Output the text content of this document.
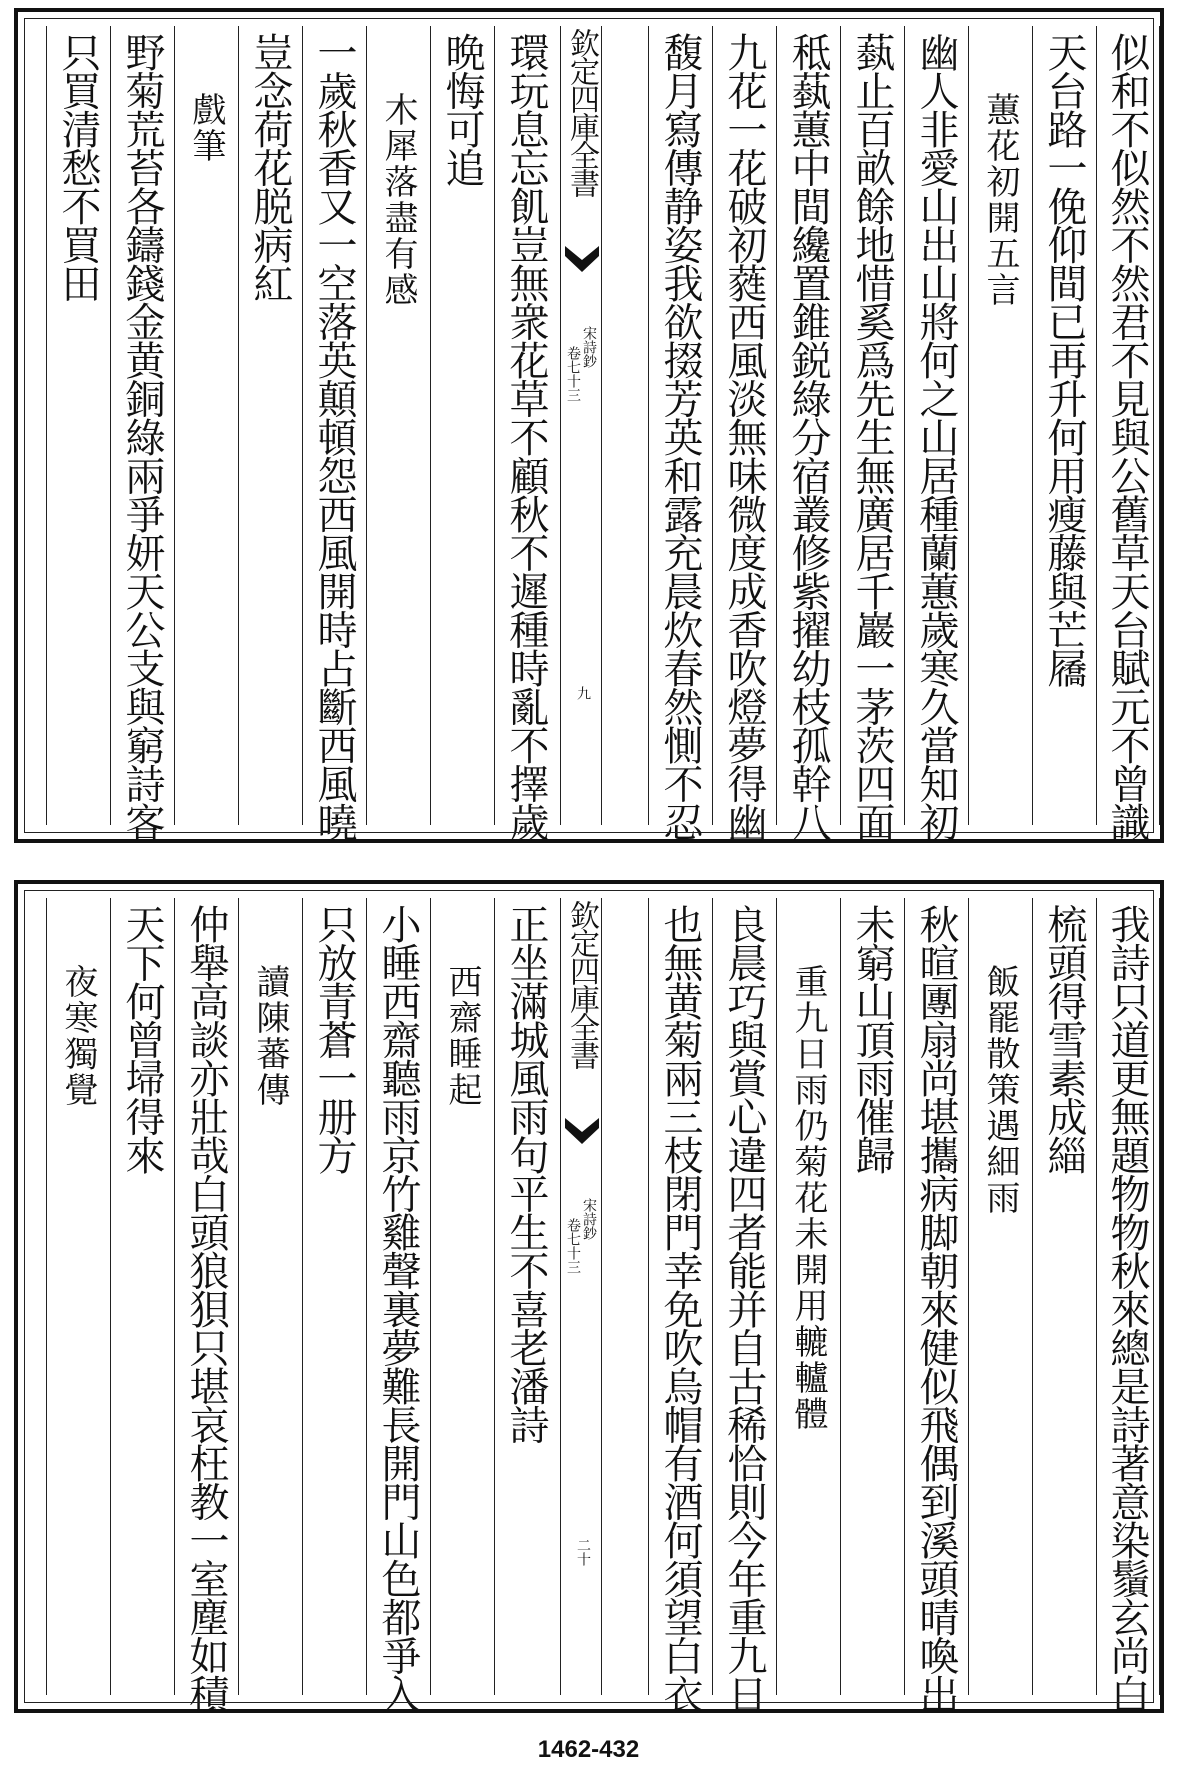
似和不似然不然君不見與公舊草天台賦元不曾識
天台路一俛仰間已再升何用瘦藤與芒屩
蕙花初開五言
幽人非愛山出山將何之山居種蘭蕙歲寒久當知初
蓺止百畝餘地惜奚爲先生無廣居千巖一茅茨四面
秪蓺蕙中間纔置錐鋭綠分宿叢修紫擢幼枝孤幹八
九花一花破初蕤西風淡無味微度成香吹燈夢得幽
馥月寫傳静姿我欲掇芳英和露充晨炊春然惻不忍
欽定四庫全書
宋詩鈔
卷七十三
九
環玩息忘飢豈無衆花草不顧秋不遲種時亂不擇歲
晩悔可追
木犀落盡有感
一歲秋香又一空落英顛頓怨西風開時占斷西風曉
豈念荷花脱病紅
戲筆
野菊荒苔各鑄錢金黄銅綠兩爭妍天公支與窮詩客
只買清愁不買田
我詩只道更無題物物秋來總是詩著意染鬚玄尚白
梳頭得雪素成緇
飯罷散策遇細雨
秋暄團扇尚堪攜病脚朝來健似飛偶到溪頭晴喚出
未窮山頂雨催歸
重九日雨仍菊花未開用轆轤體
良晨巧與賞心違四者能并自古稀恰則今年重九日
也無黄菊兩三枝閉門幸免吹烏帽有酒何須望白衣
欽定四庫全書
宋詩鈔
卷七十三
二十
正坐滿城風雨句平生不喜老潘詩
西齋睡起
小睡西齋聽雨京竹雞聲裏夢難長開門山色都爭入
只放青蒼一册方
讀陳蕃傳
仲舉高談亦壯哉白頭狼狽只堪哀枉教一室塵如積
天下何曾埽得來
夜寒獨覺
1462-432
